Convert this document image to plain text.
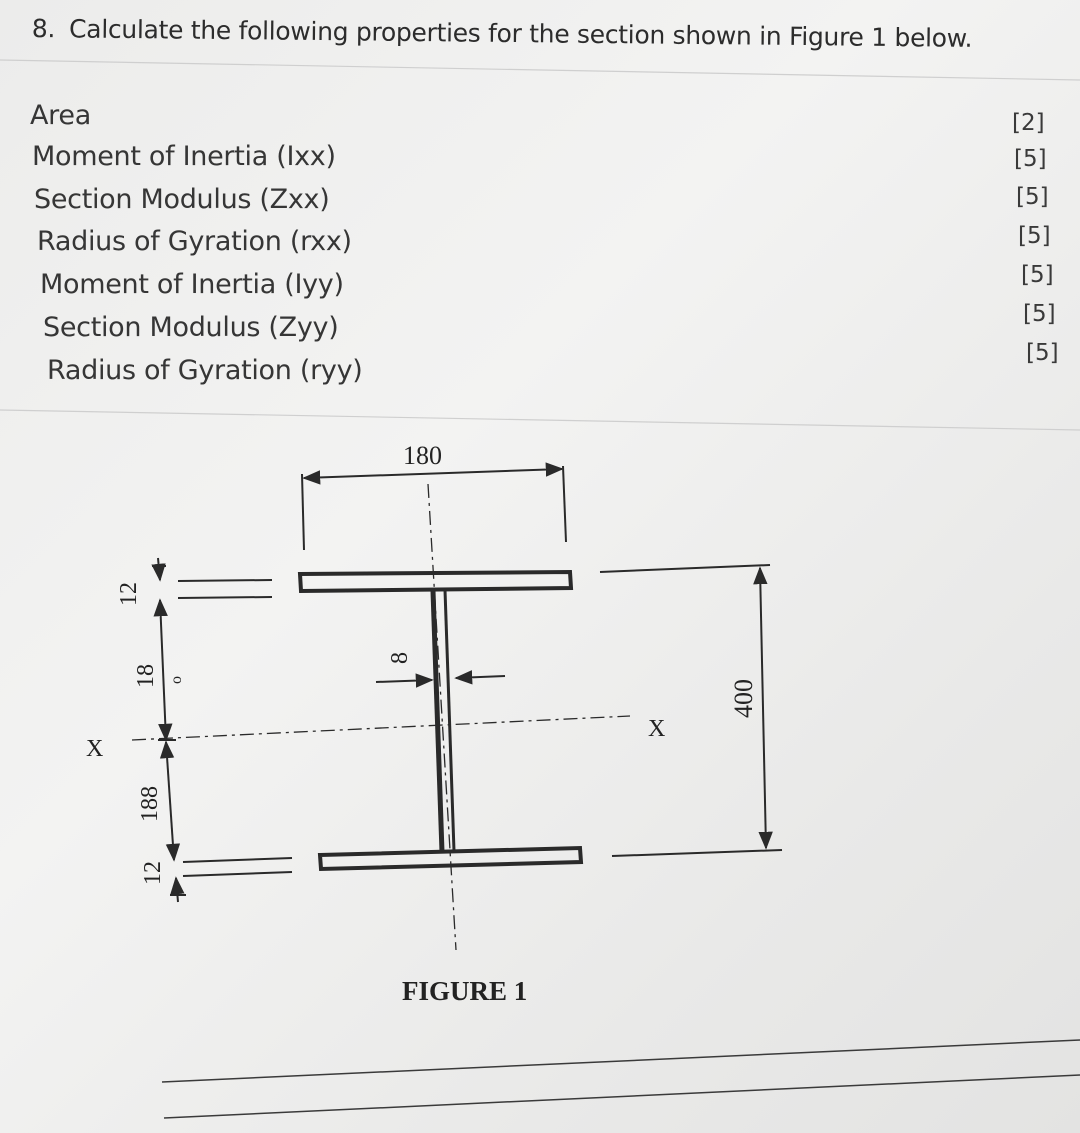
8. Calculate the following properties for the section shown in Figure 1 below.
Area
Moment of Inertia (Ixx)
Section Modulus (Zxx)
Radius of Gyration (rxx)
Moment of Inertia (Iyy)
Section Modulus (Zyy)
Radius of Gyration (ryy)
[2]
[5]
[5]
[5]
[5]
[5]
[5]
180
400
8
12
18
188
12
o
X
X
FIGURE 1
